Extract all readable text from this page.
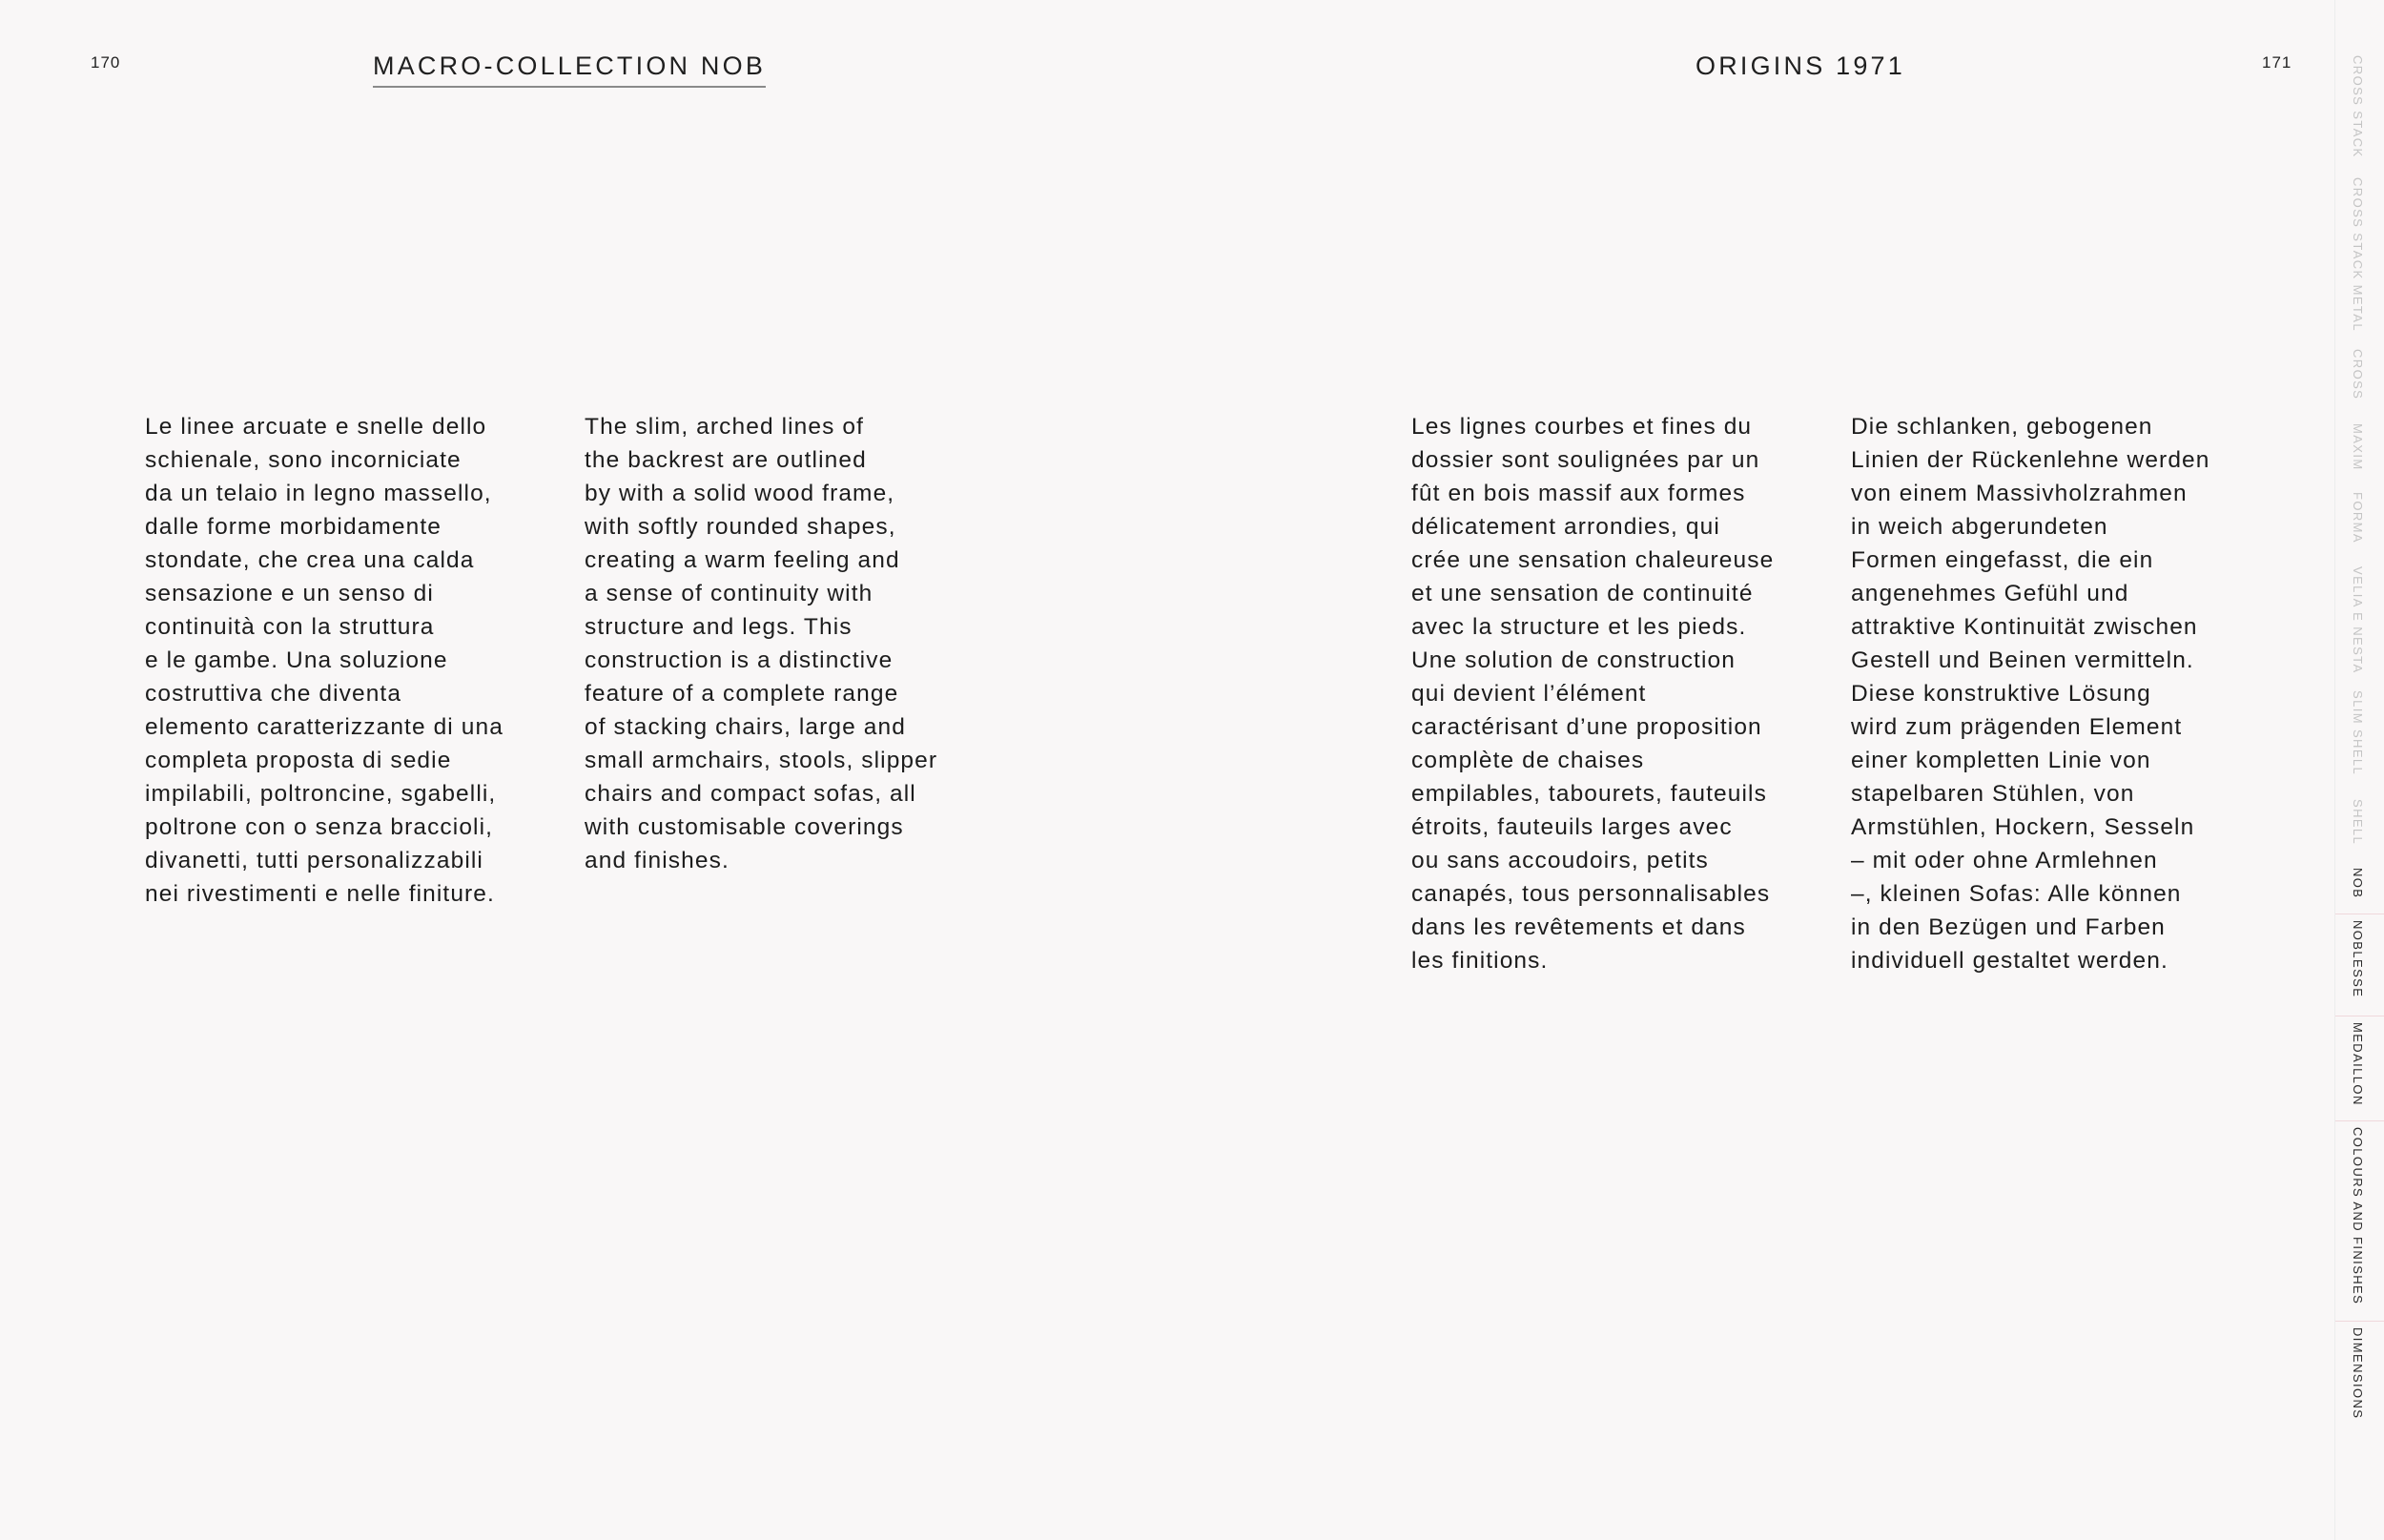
170	MACRO-COLLECTION NOB
Le linee arcuate e snelle dello
schienale, sono incorniciate
da un telaio in legno massello,
dalle forme morbidamente
stondate, che crea una calda
sensazione e un senso di
continuità con la struttura
e le gambe. Una soluzione
costruttiva che diventa
elemento caratterizzante di una
completa proposta di sedie
impilabili, poltroncine, sgabelli,
poltrone con o senza braccioli,
divanetti, tutti personalizzabili
nei rivestimenti e nelle finiture.
The slim, arched lines of
the backrest are outlined
by with a solid wood frame,
with softly rounded shapes,
creating a warm feeling and
a sense of continuity with
structure and legs. This
construction is a distinctive
feature of a complete range
of stacking chairs, large and
small armchairs, stools, slipper
chairs and compact sofas, all
with customisable coverings
and finishes.
ORIGINS 1971	171
Les lignes courbes et fines du
dossier sont soulignées par un
fût en bois massif aux formes
délicatement arrondies, qui
crée une sensation chaleureuse
et une sensation de continuité
avec la structure et les pieds.
Une solution de construction
qui devient l’élément
caractérisant d’une proposition
complète de chaises
empilables, tabourets, fauteuils
étroits, fauteuils larges avec
ou sans accoudoirs, petits
canapés, tous personnalisables
dans les revêtements et dans
les finitions.
Die schlanken, gebogenen
Linien der Rückenlehne werden
von einem Massivholzrahmen
in weich abgerundeten
Formen eingefasst, die ein
angenehmes Gefühl und
attraktive Kontinuität zwischen
Gestell und Beinen vermitteln.
Diese konstruktive Lösung
wird zum prägenden Element
einer kompletten Linie von
stapelbaren Stühlen, von
Armstühlen, Hockern, Sesseln
– mit oder ohne Armlehnen
–, kleinen Sofas: Alle können
in den Bezügen und Farben
individuell gestaltet werden.
CROSS STACK
CROSS STACK METAL
CROSS
MAXIM
FORMA
VELIA E NESTA
SLIM SHELL
SHELL
NOB
NOBLESSE
MEDAILLON
COLOURS AND FINISHES
DIMENSIONS
